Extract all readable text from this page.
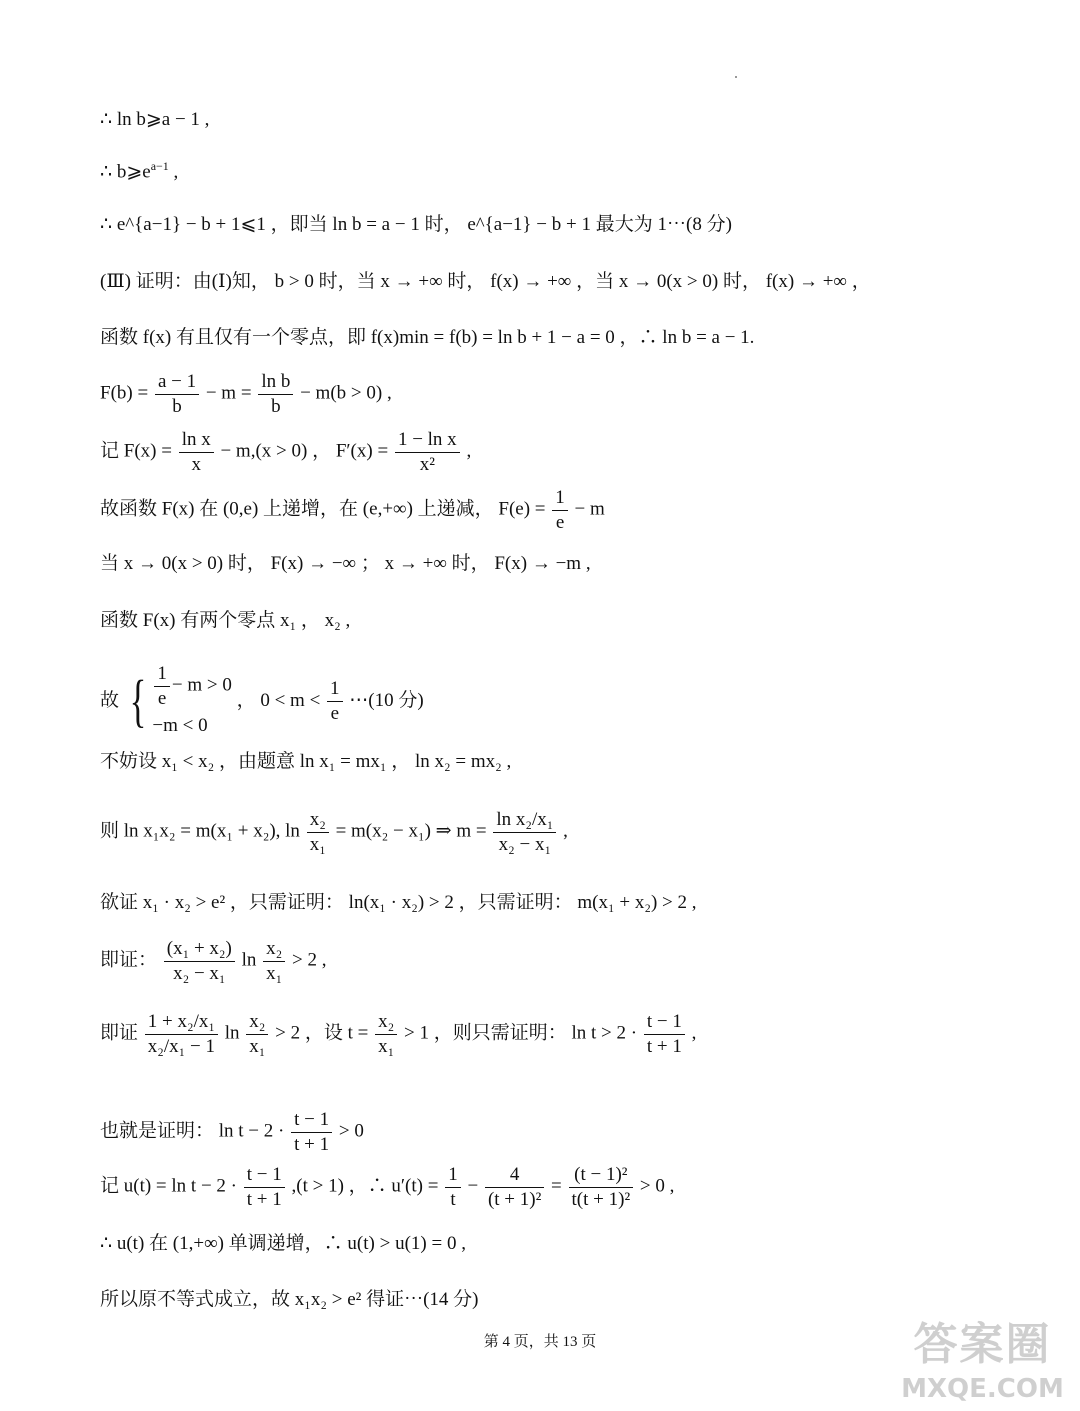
∴ ln b⩾a − 1 ,
∴ $b⩾e^{a-1}$ ,
∴ e^{a−1} − b + 1⩽1 ，即当 ln b = a − 1 时， e^{a−1} − b + 1 最大为 1⋯(8 分)
(Ⅲ) 证明：由(Ⅰ)知， b > 0 时，当 x → +∞ 时， f(x) → +∞ ，当 x → 0(x > 0) 时， f(x) → +∞ ，
函数 f(x) 有且仅有一个零点，即 f(x)min = f(b) = ln b + 1 − a = 0 ，∴ ln b = a − 1.
$F(b) = \frac{a - 1}{b} - m = \frac{\text{ln b}}{b} - m(b > 0)$ ,
记 $F(x) = \frac{\text{ln x}}{x} - m,(x > 0)$ ， $F'(x) = \frac{\text{1 − ln x}}{\text{x²}}$ ,
故函数 F(x) 在 (0,e) 上递增，在 (e,+∞) 上递减， $F(e) = \frac{1}{e} - m$
当 x → 0(x > 0) 时， F(x) → −∞ ； x → +∞ 时， F(x) → −m ,
函数 F(x) 有两个零点 x₁ ， x₂ ,
故 { $\frac{1}{e} - m > 0$
−m < 0
， $0 < m < \frac{1}{e}$ ⋯(10 分)
不妨设 x₁ < x₂ ，由题意 ln x₁ = mx₁ ， ln x₂ = mx₂ ,
则 ln x₁x₂ = m(x₁ + x₂), $\ln \frac{\text{x₂}}{\text{x₁}} = m(x_2 - x_1)$ ⇒ $m = \frac{\text{ln x₂/x₁}}{\text{x₂ − x₁}}$ ,
欲证 x₁ · x₂ > e² ，只需证明： ln(x₁ · x₂) > 2 ，只需证明： m(x₁ + x₂) > 2 ,
即证： $\frac{\text{(x₁ + x₂)}}{\text{x₂ − x₁}}$ $\ln \frac{\text{x₂}}{\text{x₁}} > 2$ ,
即证 $\frac{\text{1 + x₂/x₁}}{\text{x₂/x₁ − 1}}$ $\ln \frac{\text{x₂}}{\text{x₁}} > 2$ ，设 $t = \frac{\text{x₂}}{\text{x₁}} > 1$ ，则只需证明： $\ln t > 2 \cdot \frac{t - 1}{t + 1}$ ,
也就是证明： $\ln t - 2 \cdot \frac{t - 1}{t + 1} > 0$
记 $u(t) = \ln t - 2 \cdot \frac{t - 1}{t + 1} ,(t > 1)$ ，∴ $u'(t) = \frac{1}{t} - \frac{4}{\text{(t + 1)²}} = \frac{\text{(t − 1)²}}{\text{t(t + 1)²}} > 0$ ,
∴ u(t) 在 (1,+∞) 单调递增，∴ u(t) > u(1) = 0 ,
所以原不等式成立，故 x₁x₂ > e² 得证⋯(14 分)
第 4 页，共 13 页	答案圈
MXQE.COM
